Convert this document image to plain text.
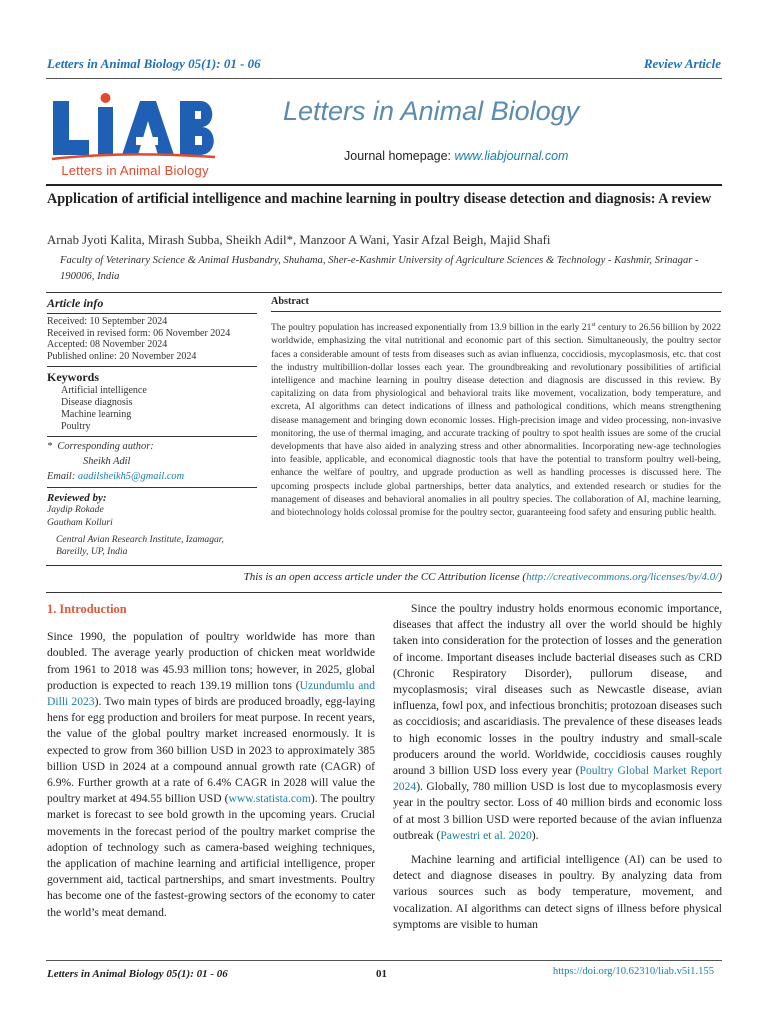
Letters in Animal Biology 05(1): 01 - 06	Review Article
Letters in Animal Biology
Letters in Animal Biology
Journal homepage: www.liabjournal.com
Application of artificial intelligence and machine learning in poultry disease detection and diagnosis: A review
Arnab Jyoti Kalita, Mirash Subba, Sheikh Adil*, Manzoor A Wani, Yasir Afzal Beigh, Majid Shafi
Faculty of Veterinary Science & Animal Husbandry, Shuhama, Sher-e-Kashmir University of Agriculture Sciences & Technology - Kashmir, Srinagar - 190006, India
Article info
Received: 10 September 2024
Received in revised form: 06 November 2024
Accepted: 08 November 2024
Published online: 20 November 2024
Keywords
Artificial intelligence
Disease diagnosis
Machine learning
Poultry
*  Corresponding author:
Sheikh Adil
Email: aadilsheikh5@gmail.com
Reviewed by:
Jaydip Rokade
Gautham Kolluri
Central Avian Research Institute, Izamagar, Bareilly, UP, India
Abstract
The poultry population has increased exponentially from 13.9 billion in the early 21st century to 26.56 billion by 2022 worldwide, emphasizing the vital nutritional and economic part of this section. Simultaneously, the poultry sector faces a considerable amount of tests from diseases such as avian influenza, coccidiosis, mycoplasmosis, etc. that cost the industry multibillion-dollar losses each year. The groundbreaking and revolutionary possibilities of artificial intelligence and machine learning in poultry disease detection and diagnosis are discussed in this review. By capitalizing on data from physiological and behavioral traits like movement, vocalization, body temperature, and excreta, AI algorithms can detect indications of illness and pathological conditions, which means strengthening disease management and bringing down economic losses. High-precision image and video processing, non-invasive monitoring, the use of thermal imaging, and accurate tracking of poultry to spot health issues are some of the crucial developments that have also aided in analyzing stress and other abnormalities. Incorporating new-age technologies into feasible, applicable, and economical diagnostic tools that have the potential to transform poultry well-being, enhance the welfare of poultry, and upgrade production as well as handling processes is discussed here. The upcoming prospects include global partnerships, better data analytics, and extended research or studies for the management of diseases and behavioral anomalies in all poultry species. The collaboration of AI, machine learning, and biotechnology holds colossal promise for the poultry sector, guaranteeing food safety and ensuring public health.
This is an open access article under the CC Attribution license (http://creativecommons.org/licenses/by/4.0/)
1. Introduction

Since 1990, the population of poultry worldwide has more than doubled. The average yearly production of chicken meat worldwide from 1961 to 2018 was 45.93 million tons; however, in 2025, global production is expected to reach 139.19 million tons (Uzundumlu and Dilli 2023). Two main types of birds are produced broadly, egg-laying hens for egg production and broilers for meat purpose. In recent years, the value of the global poultry market increased enormously. It is expected to grow from 360 billion USD in 2023 to approximately 385 billion USD in 2024 at a compound annual growth rate (CAGR) of 6.9%. Further growth at a rate of 6.4% CAGR in 2028 will value the poultry market at 494.55 billion USD (www.statista.com). The poultry market is forecast to see bold growth in the upcoming years. Crucial movements in the forecast period of the poultry market comprise the adoption of technology such as camera-based weighing techniques, the application of machine learning and artificial intelligence, proper government aid, tactical partnerships, and smart investments. Poultry has become one of the fastest-growing sectors of the economy to cater the world’s meat demand.

Since the poultry industry holds enormous economic importance, diseases that affect the industry all over the world should be highly taken into consideration for the protection of losses and the generation of income. Important diseases include bacterial diseases such as CRD (Chronic Respiratory Disorder), pullorum disease, and mycoplasmosis; viral diseases such as Newcastle disease, avian influenza, fowl pox, and infectious bronchitis; protozoan diseases such as coccidiosis; and ascaridiasis. The prevalence of these diseases leads to high economic losses in the poultry industry and small-scale producers around the world. Worldwide, coccidiosis causes roughly around 3 billion USD loss every year (Poultry Global Market Report 2024). Globally, 780 million USD is lost due to mycoplasmosis every year in the poultry sector. Loss of 40 million birds and economic loss of at most 3 billion USD were reported because of the avian influenza outbreak (Pawestri et al. 2020).

Machine learning and artificial intelligence (AI) can be used to detect and diagnose diseases in poultry. By analyzing data from various sources such as body temperature, movement, and vocalization. AI algorithms can detect signs of illness before physical symptoms are visible to human

Letters in Animal Biology 05(1): 01 - 06	01	https://doi.org/10.62310/liab.v5i1.155
